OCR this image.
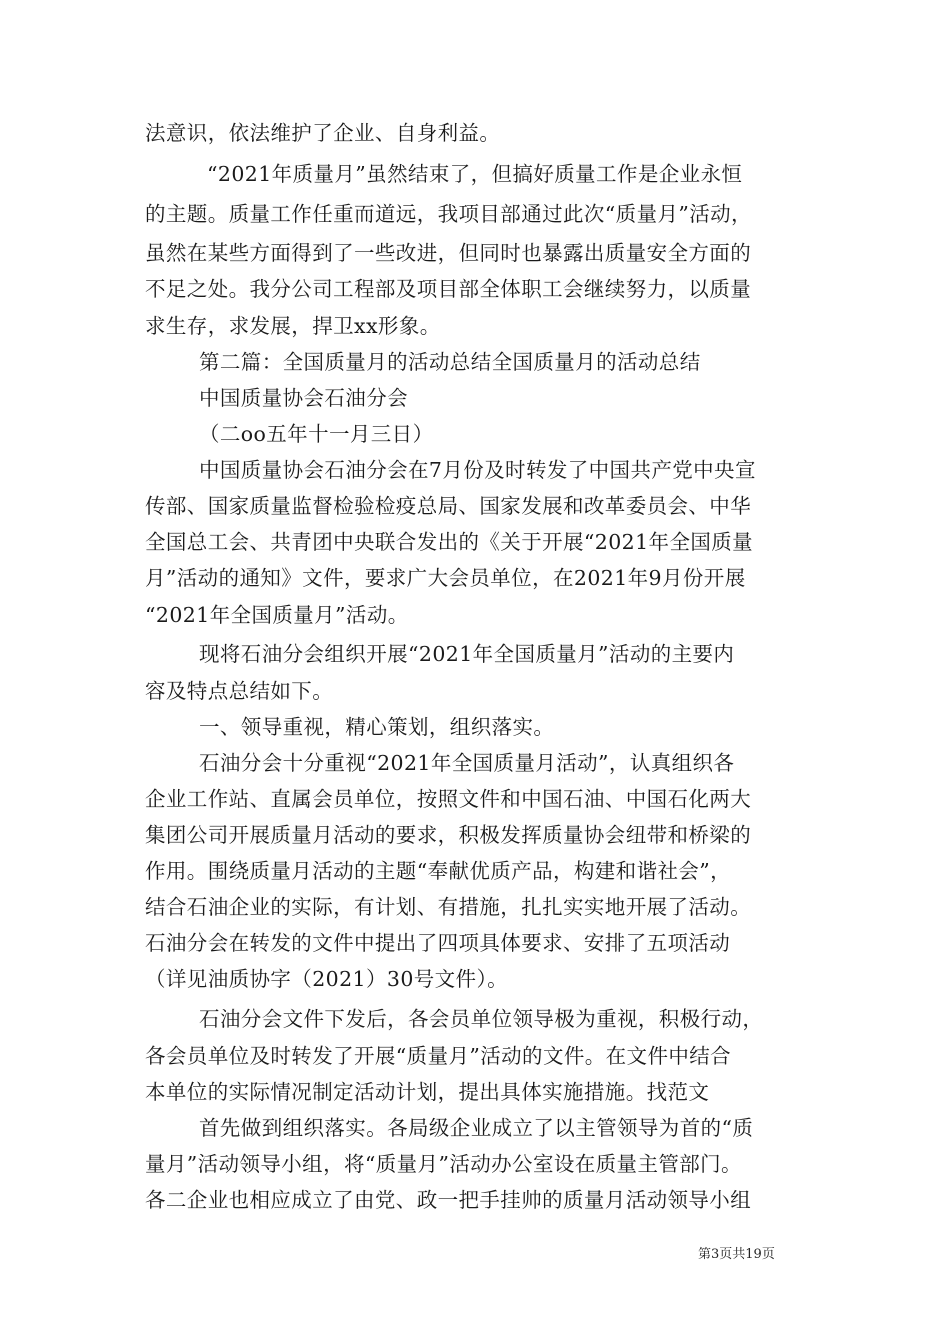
法意识，依法维护了企业、自身利益。
“2021年质量月”虽然结束了，但搞好质量工作是企业永恒
的主题。质量工作任重而道远，我项目部通过此次“质量月”活动，
虽然在某些方面得到了一些改进，但同时也暴露出质量安全方面的
不足之处。我分公司工程部及项目部全体职工会继续努力，以质量
求生存，求发展，捍卫xx形象。
第二篇：全国质量月的活动总结全国质量月的活动总结
中国质量协会石油分会
（二oo五年十一月三日）
中国质量协会石油分会在7月份及时转发了中国共产党中央宣
传部、国家质量监督检验检疫总局、国家发展和改革委员会、中华
全国总工会、共青团中央联合发出的《关于开展“2021年全国质量
月”活动的通知》文件，要求广大会员单位，在2021年9月份开展
“2021年全国质量月”活动。
现将石油分会组织开展“2021年全国质量月”活动的主要内
容及特点总结如下。
一、领导重视，精心策划，组织落实。
石油分会十分重视“2021年全国质量月活动”，认真组织各
企业工作站、直属会员单位，按照文件和中国石油、中国石化两大
集团公司开展质量月活动的要求，积极发挥质量协会纽带和桥梁的
作用。围绕质量月活动的主题“奉献优质产品，构建和谐社会”，
结合石油企业的实际，有计划、有措施，扎扎实实地开展了活动。
石油分会在转发的文件中提出了四项具体要求、安排了五项活动
（详见油质协字（2021）30号文件）。
石油分会文件下发后，各会员单位领导极为重视，积极行动，
各会员单位及时转发了开展“质量月”活动的文件。在文件中结合
本单位的实际情况制定活动计划，提出具体实施措施。找范文
首先做到组织落实。各局级企业成立了以主管领导为首的“质
量月”活动领导小组，将“质量月”活动办公室设在质量主管部门。
各二企业也相应成立了由党、政一把手挂帅的质量月活动领导小组
第3页共19页
